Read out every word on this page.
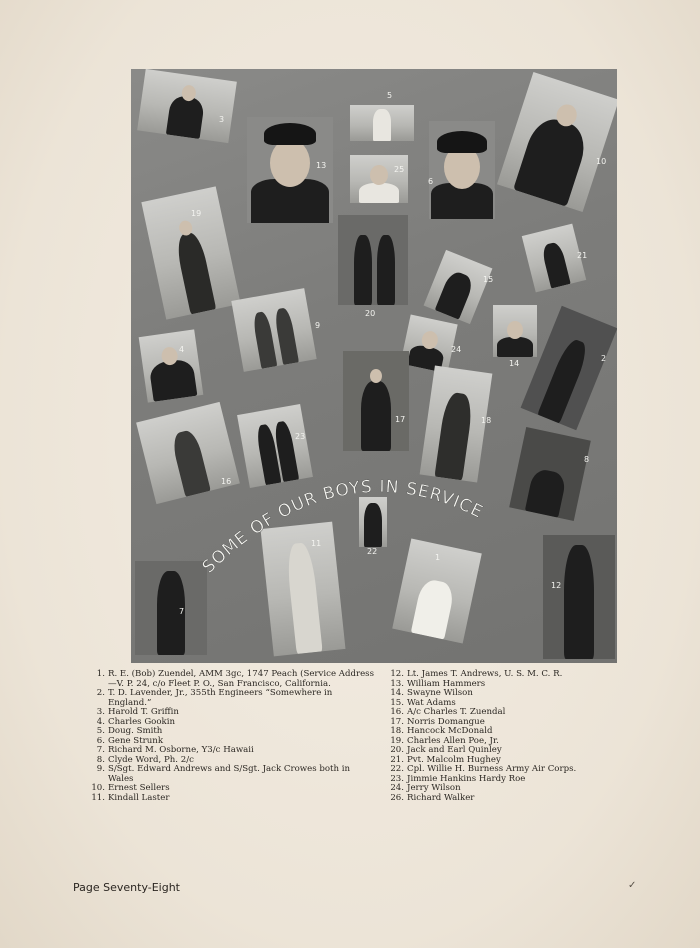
3
5
13	25
6
10
19
20
15
21
9
4	24
14
2
17	18
23
16
8
22
11
1
7
12
SOME OF OUR BOYS IN SERVICE
1. R. E. (Bob) Zuendel, AMM 3gc, 1747 Peach (Service Address—V. P. 24, c/o Fleet P. O., San Francisco, California.
2. T. D. Lavender, Jr., 355th Engineers “Somewhere in England.”
3. Harold T. Griffin
4. Charles Gookin
5. Doug. Smith
6. Gene Strunk
7. Richard M. Osborne, Y3/c Hawaii
8. Clyde Word, Ph. 2/c
9. S/Sgt. Edward Andrews and S/Sgt. Jack Crowes both in Wales
10. Ernest Sellers
11. Kindall Laster
12. Lt. James T. Andrews, U. S. M. C. R.
13. William Hammers
14. Swayne Wilson
15. Wat Adams
16. A/c Charles T. Zuendal
17. Norris Domangue
18. Hancock McDonald
19. Charles Allen Poe, Jr.
20. Jack and Earl Quinley
21. Pvt. Malcolm Hughey
22. Cpl. Willie H. Burness Army Air Corps.
23. Jimmie Hankins Hardy Roe
24. Jerry Wilson
26. Richard Walker
Page Seventy-Eight	✓
